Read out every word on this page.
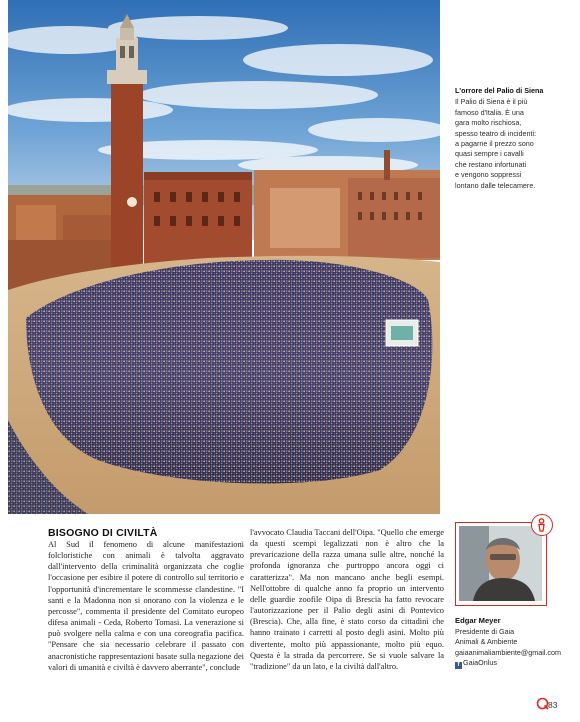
L'orrore del Palio di Siena
Il Palio di Siena è il più
famoso d'Italia. È una
gara molto rischiosa,
spesso teatro di incidenti:
a pagarne il prezzo sono
quasi sempre i cavalli
che restano infortunati
e vengono soppressi
lontano dalle telecamere.
BISOGNO DI CIVILTÀ
Al Sud il fenomeno di alcune manifestazioni folcloristiche con animali è talvolta aggravato dall'intervento della criminalità organizzata che coglie l'occasione per esibire il potere di controllo sul territorio e l'opportunità d'incrementare le scommesse clandestine. "I santi e la Madonna non si onorano con la violenza e le percosse", commenta il presidente del Comitato europeo difesa animali - Ceda, Roberto Tomasi. La venerazione si può svolgere nella calma e con una coreografia pacifica. "Pensare che sia necessario celebrare il passato con anacronistiche rappresentazioni basate sulla negazione dei valori di umanità e civiltà è davvero aberrante", conclude
l'avvocato Claudia Taccani dell'Oipa. "Quello che emerge da questi scempi legalizzati non è altro che la prevaricazione della razza umana sulle altre, nonché la profonda ignoranza che purtroppo ancora oggi ci caratterizza". Ma non mancano anche begli esempi. Nell'ottobre di qualche anno fa proprio un intervento delle guardie zoofile Oipa di Brescia ha fatto revocare l'autorizzazione per il Palio degli asini di Pontevico (Brescia). Che, alla fine, è stato corso da cittadini che hanno trainato i carretti al posto degli asini. Molto più divertente, molto più appassionante, molto più equo. Questa è la strada da percorrere. Se si vuole salvare la "tradizione" da un lato, e la civiltà dall'altro.
Edgar Meyer
Presidente di Gaia
Animali & Ambiente
gaiaanimaliambiente@gmail.com
f GaiaOnlus
83
